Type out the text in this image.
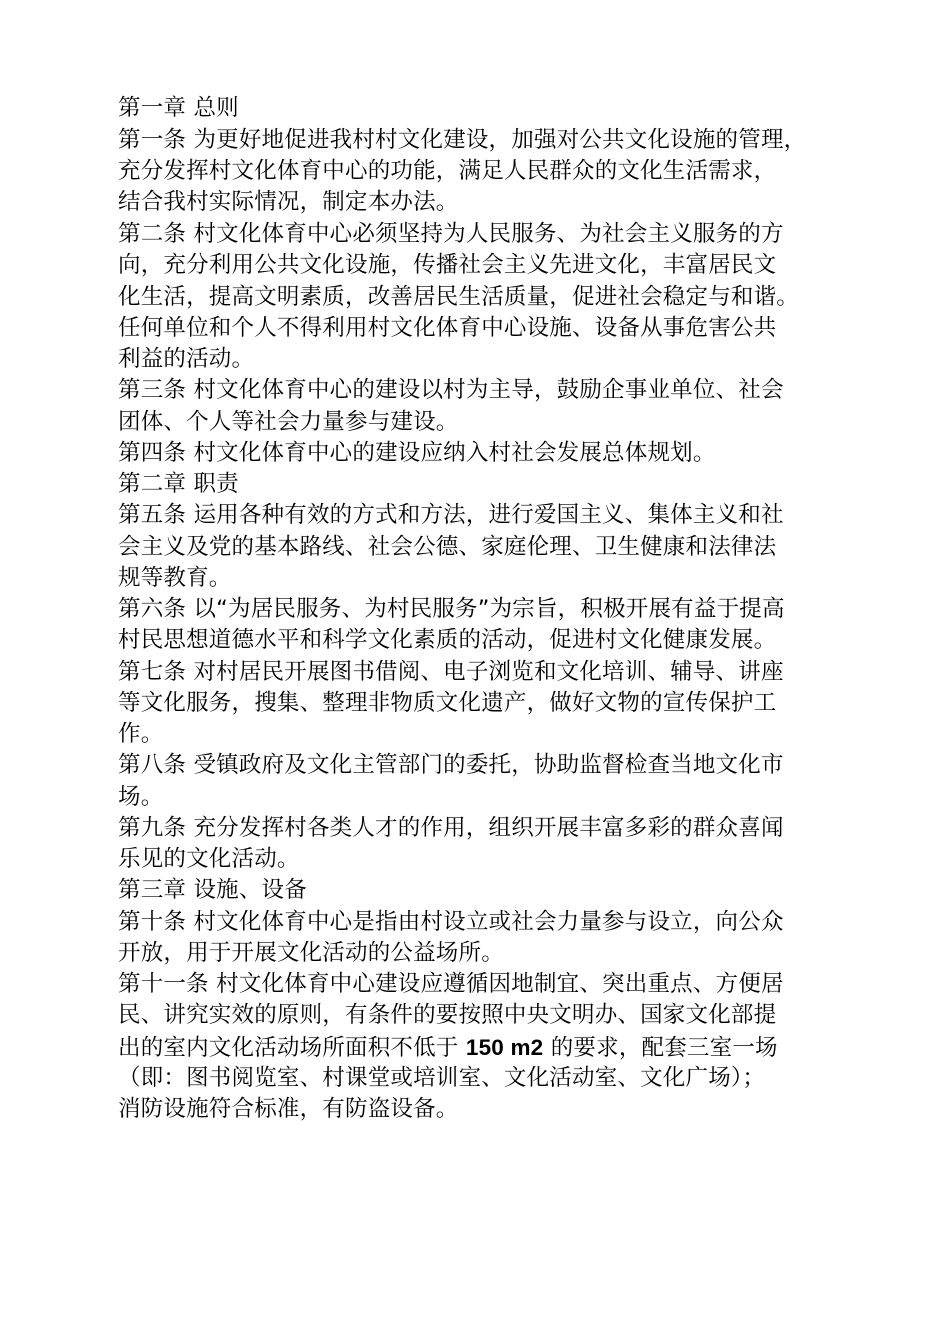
第一章 总则
第一条 为更好地促进我村村文化建设，加强对公共文化设施的管理，
充分发挥村文化体育中心的功能，满足人民群众的文化生活需求，
结合我村实际情况，制定本办法。
第二条 村文化体育中心必须坚持为人民服务、为社会主义服务的方
向，充分利用公共文化设施，传播社会主义先进文化，丰富居民文
化生活，提高文明素质，改善居民生活质量，促进社会稳定与和谐。
任何单位和个人不得利用村文化体育中心设施、设备从事危害公共
利益的活动。
第三条 村文化体育中心的建设以村为主导，鼓励企事业单位、社会
团体、个人等社会力量参与建设。
第四条 村文化体育中心的建设应纳入村社会发展总体规划。
第二章 职责
第五条 运用各种有效的方式和方法，进行爱国主义、集体主义和社
会主义及党的基本路线、社会公德、家庭伦理、卫生健康和法律法
规等教育。
第六条 以“为居民服务、为村民服务”为宗旨，积极开展有益于提高
村民思想道德水平和科学文化素质的活动，促进村文化健康发展。
第七条 对村居民开展图书借阅、电子浏览和文化培训、辅导、讲座
等文化服务，搜集、整理非物质文化遗产，做好文物的宣传保护工
作。
第八条 受镇政府及文化主管部门的委托，协助监督检查当地文化市
场。
第九条 充分发挥村各类人才的作用，组织开展丰富多彩的群众喜闻
乐见的文化活动。
第三章 设施、设备
第十条 村文化体育中心是指由村设立或社会力量参与设立，向公众
开放，用于开展文化活动的公益场所。
第十一条 村文化体育中心建设应遵循因地制宜、突出重点、方便居
民、讲究实效的原则，有条件的要按照中央文明办、国家文化部提
出的室内文化活动场所面积不低于 150 m2 的要求，配套三室一场
（即：图书阅览室、村课堂或培训室、文化活动室、文化广场）；
消防设施符合标准，有防盗设备。
